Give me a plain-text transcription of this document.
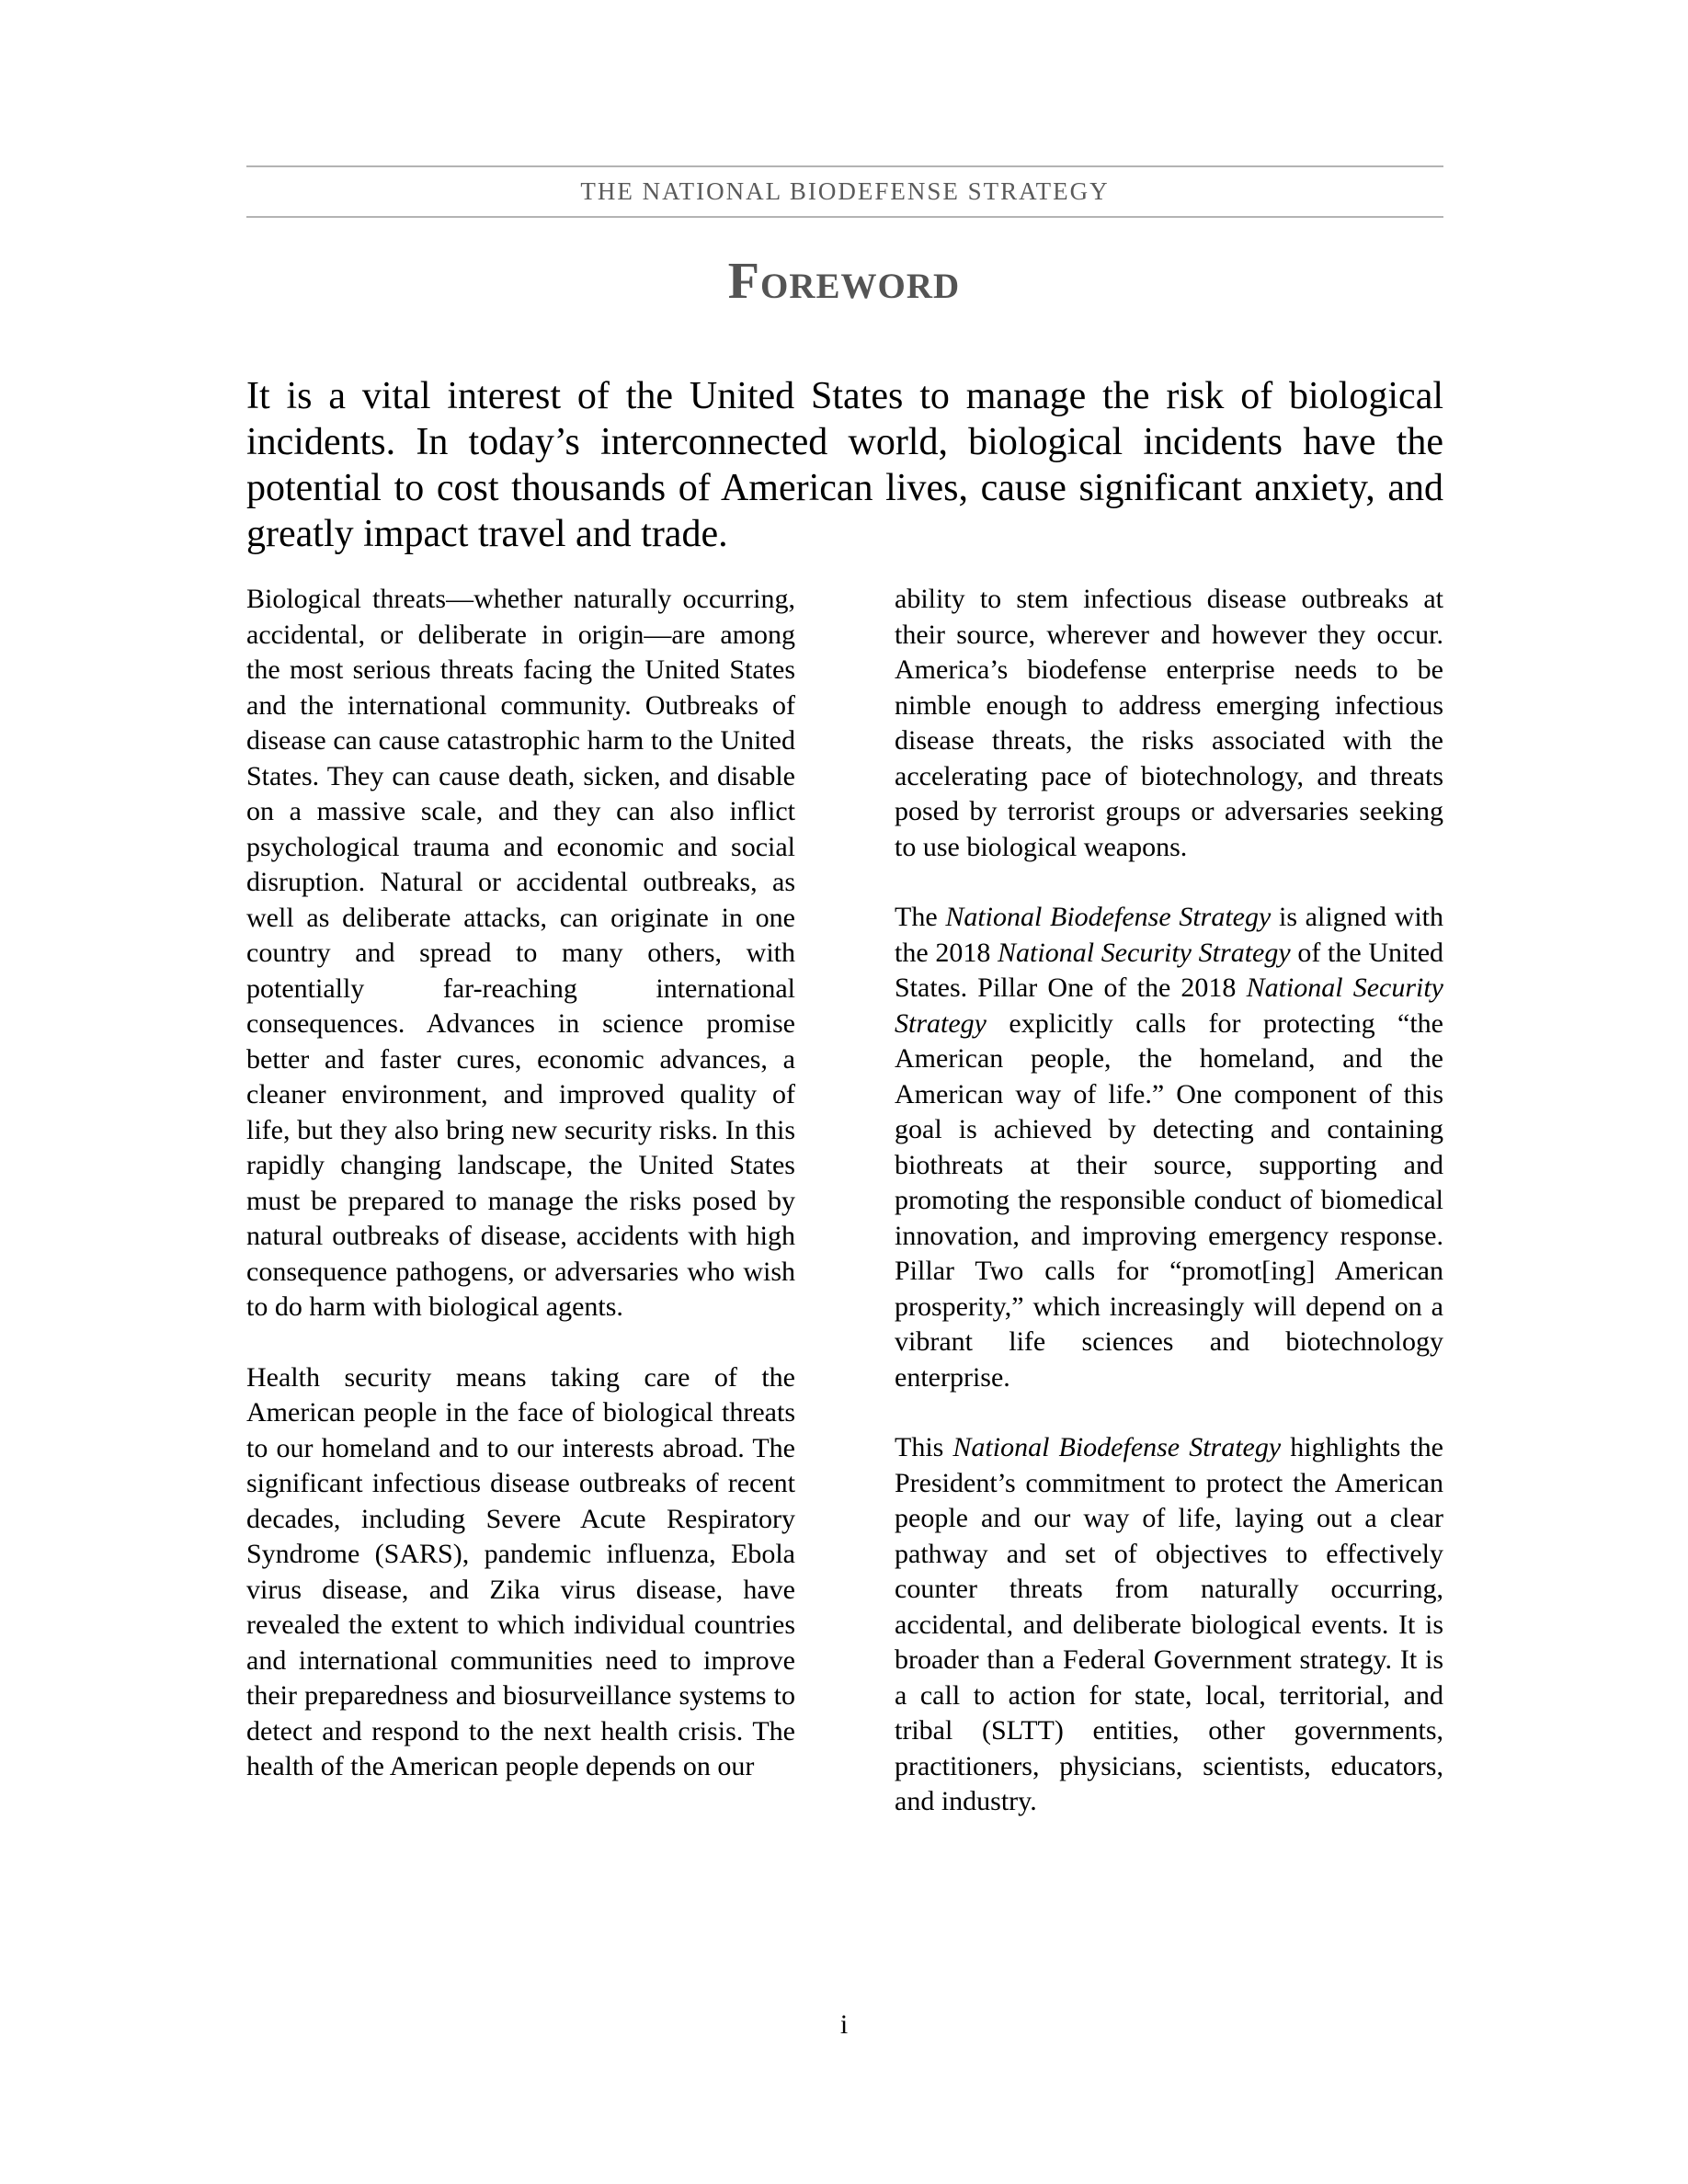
THE NATIONAL BIODEFENSE STRATEGY
Foreword

It is a vital interest of the United States to manage the risk of biological incidents. In today’s interconnected world, biological incidents have the potential to cost thousands of American lives, cause significant anxiety, and greatly impact travel and trade.

Biological threats—whether naturally occurring, accidental, or deliberate in origin—are among the most serious threats facing the United States and the international community. Outbreaks of disease can cause catastrophic harm to the United States. They can cause death, sicken, and disable on a massive scale, and they can also inflict psychological trauma and economic and social disruption. Natural or accidental outbreaks, as well as deliberate attacks, can originate in one country and spread to many others, with potentially far-reaching international consequences. Advances in science promise better and faster cures, economic advances, a cleaner environment, and improved quality of life, but they also bring new security risks. In this rapidly changing landscape, the United States must be prepared to manage the risks posed by natural outbreaks of disease, accidents with high consequence pathogens, or adversaries who wish to do harm with biological agents.

Health security means taking care of the American people in the face of biological threats to our homeland and to our interests abroad. The significant infectious disease outbreaks of recent decades, including Severe Acute Respiratory Syndrome (SARS), pandemic influenza, Ebola virus disease, and Zika virus disease, have revealed the extent to which individual countries and international communities need to improve their preparedness and biosurveillance systems to detect and respond to the next health crisis. The health of the American people depends on our

ability to stem infectious disease outbreaks at their source, wherever and however they occur. America’s biodefense enterprise needs to be nimble enough to address emerging infectious disease threats, the risks associated with the accelerating pace of biotechnology, and threats posed by terrorist groups or adversaries seeking to use biological weapons.

The National Biodefense Strategy is aligned with the 2018 National Security Strategy of the United States. Pillar One of the 2018 National Security Strategy explicitly calls for protecting “the American people, the homeland, and the American way of life.” One component of this goal is achieved by detecting and containing biothreats at their source, supporting and promoting the responsible conduct of biomedical innovation, and improving emergency response. Pillar Two calls for “promot[ing] American prosperity,” which increasingly will depend on a vibrant life sciences and biotechnology enterprise.

This National Biodefense Strategy highlights the President’s commitment to protect the American people and our way of life, laying out a clear pathway and set of objectives to effectively counter threats from naturally occurring, accidental, and deliberate biological events. It is broader than a Federal Government strategy. It is a call to action for state, local, territorial, and tribal (SLTT) entities, other governments, practitioners, physicians, scientists, educators, and industry.

i
